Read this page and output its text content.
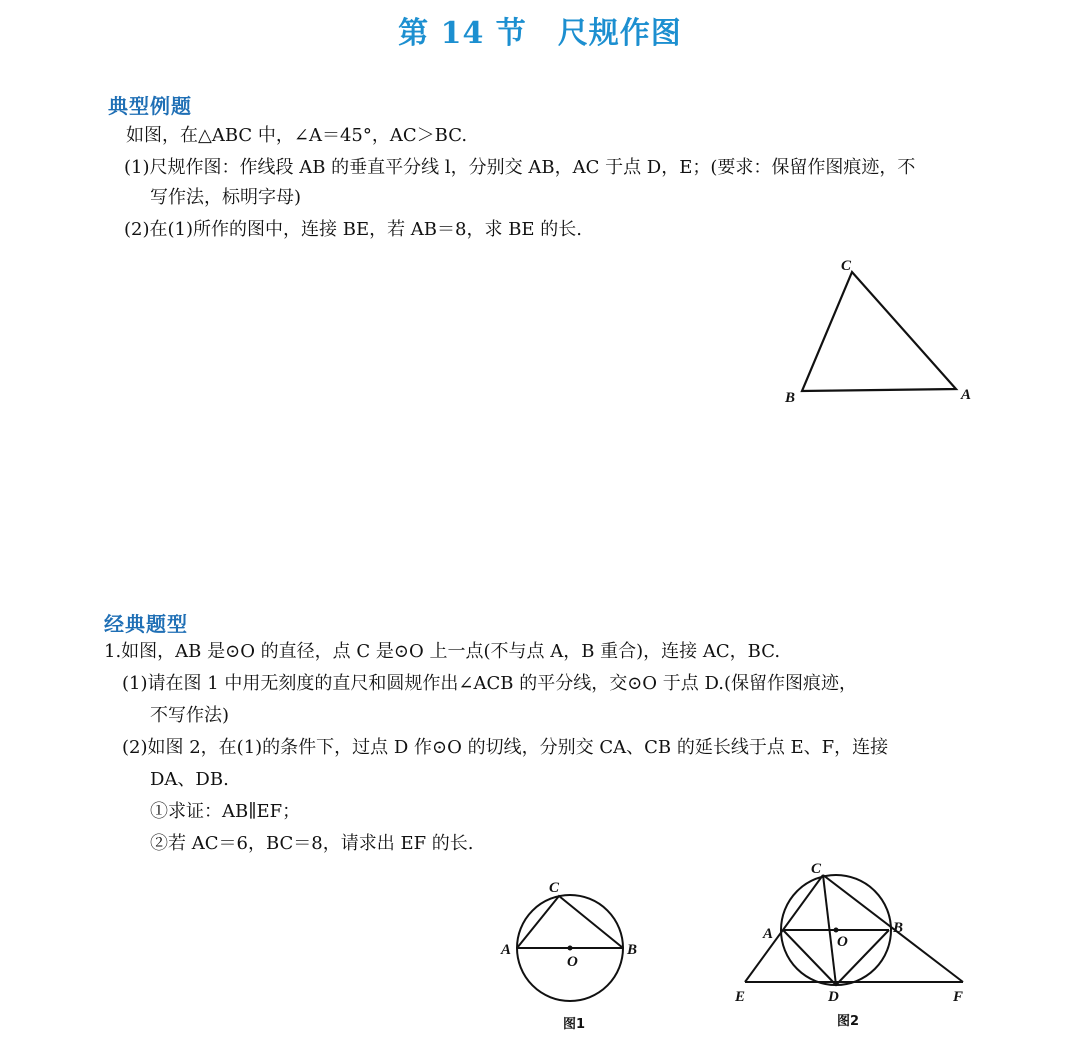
第 14 节　尺规作图
典型例题
如图，在△ABC 中，∠A＝45°，AC＞BC.
(1)尺规作图：作线段 AB 的垂直平分线 l，分别交 AB，AC 于点 D，E；(要求：保留作图痕迹，不
写作法，标明字母)
(2)在(1)所作的图中，连接 BE，若 AB＝8，求 BE 的长.
C
B	A
经典题型
1.如图，AB 是⊙O 的直径，点 C 是⊙O 上一点(不与点 A，B 重合)，连接 AC，BC.
(1)请在图 1 中用无刻度的直尺和圆规作出∠ACB 的平分线，交⊙O 于点 D.(保留作图痕迹，
不写作法)
(2)如图 2，在(1)的条件下，过点 D 作⊙O 的切线，分别交 CA、CB 的延长线于点 E、F，连接
DA、DB.
①求证：AB∥EF；
②若 AC＝6，BC＝8，请求出 EF 的长.
C
A	B
O
图1
C
A	B
O
D
E	F
图2
